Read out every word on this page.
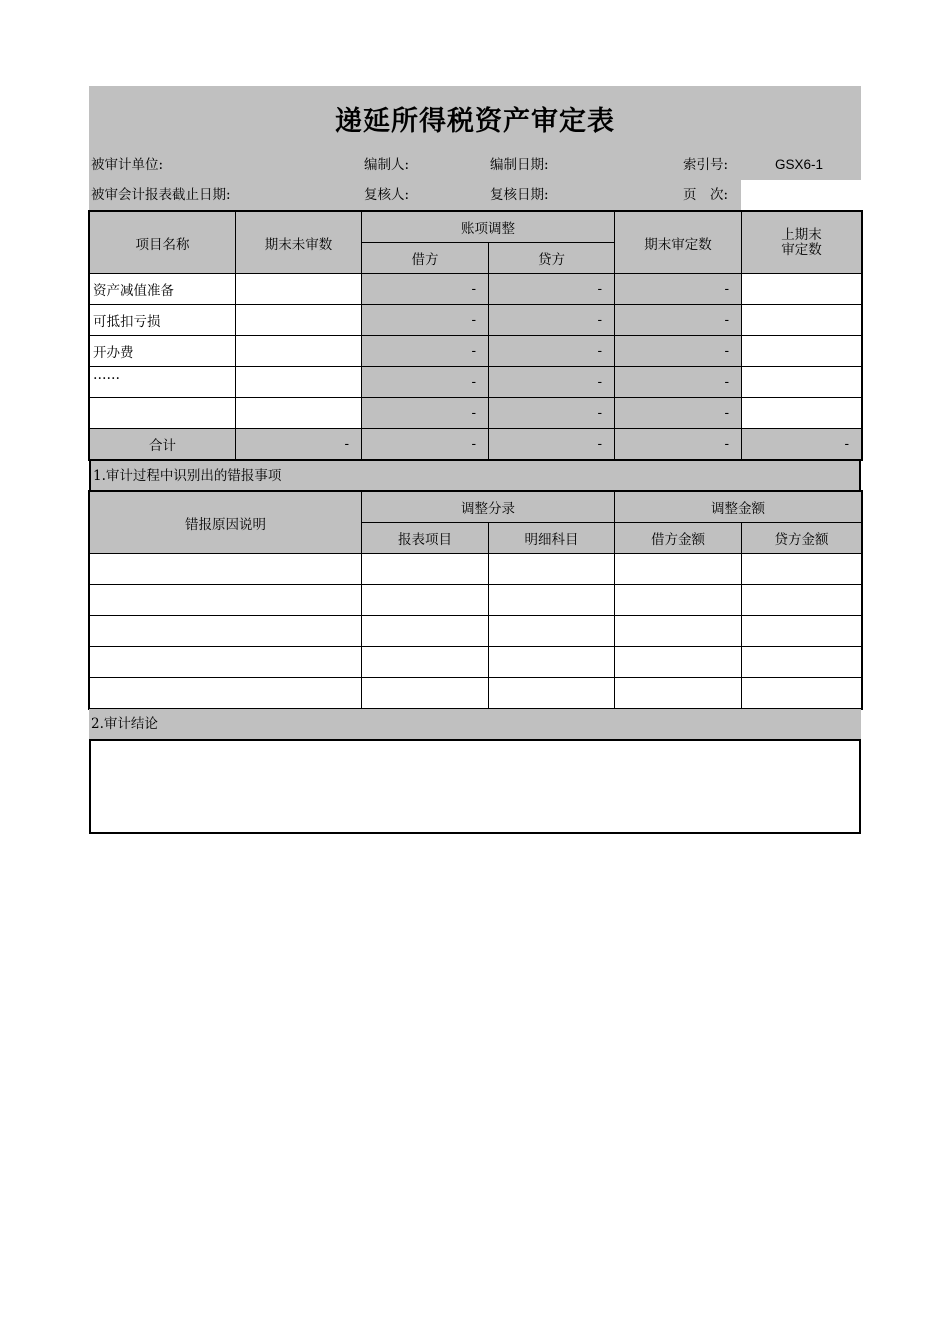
递延所得税资产审定表
被审计单位:	编制人:	编制日期:	索引号:	GSX6-1
被审会计报表截止日期:	复核人:	复核日期:	页　次:
项目名称	期末未审数	账项调整		期末审定数	上期末
审定数

		借方	贷方		
资产减值准备		-	-	-	
可抵扣亏损		-	-	-	
开办费		-	-	-	
……		-	-	-	
		-	-	-	
合计	-	-	-	-	-
1.审计过程中识别出的错报事项
错报原因说明	调整分录		调整金额	
	报表项目	明细科目	借方金额	贷方金额

2.审计结论
